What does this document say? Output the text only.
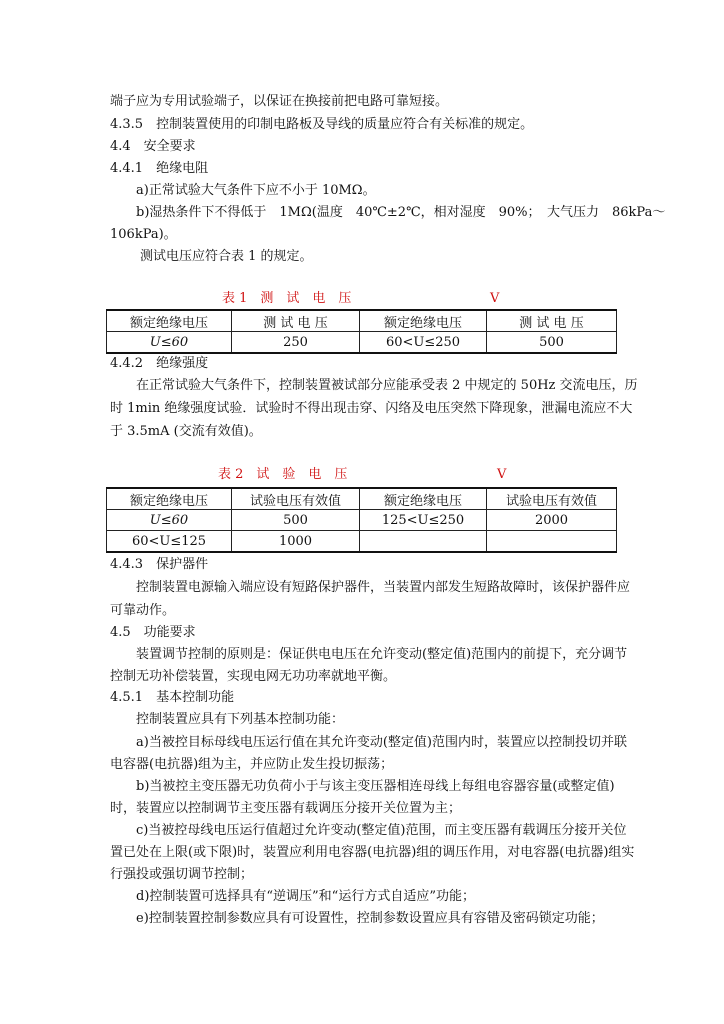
端子应为专用试验端子，以保证在换接前把电路可靠短接。
4.3.5　控制装置使用的印制电路板及导线的质量应符合有关标准的规定。
4.4　安全要求
4.4.1　绝缘电阻
a)正常试验大气条件下应不小于 10MΩ。
b)湿热条件下不得低于　1MΩ(温度　40℃±2℃，相对湿度　90%；　大气压力　86kPa～
106kPa)。
测试电压应符合表 1 的规定。
表 1　测　试　电　压	V
额定绝缘电压	测 试 电 压	额定绝缘电压	测 试 电 压
U≤60	250	60<U≤250	500
4.4.2　绝缘强度
在正常试验大气条件下，控制装置被试部分应能承受表 2 中规定的 50Hz 交流电压，历
时 1min 绝缘强度试验．试验时不得出现击穿、闪络及电压突然下降现象，泄漏电流应不大
于 3.5mA (交流有效值)。
表 2　试　验　电　压	V
额定绝缘电压	试验电压有效值	额定绝缘电压	试验电压有效值
U≤60	500	125<U≤250	2000
60<U≤125	1000		
4.4.3　保护器件
控制装置电源输入端应设有短路保护器件，当装置内部发生短路故障时，该保护器件应
可靠动作。
4.5　功能要求
装置调节控制的原则是：保证供电电压在允许变动(整定值)范围内的前提下，充分调节
控制无功补偿装置，实现电网无功功率就地平衡。
4.5.1　基本控制功能
控制装置应具有下列基本控制功能：
a)当被控目标母线电压运行值在其允许变动(整定值)范围内时，装置应以控制投切并联
电容器(电抗器)组为主，并应防止发生投切振荡；
b)当被控主变压器无功负荷小于与该主变压器相连母线上每组电容器容量(或整定值)
时，装置应以控制调节主变压器有载调压分接开关位置为主；
c)当被控母线电压运行值超过允许变动(整定值)范围，而主变压器有载调压分接开关位
置已处在上限(或下限)时，装置应利用电容器(电抗器)组的调压作用，对电容器(电抗器)组实
行强投或强切调节控制；
d)控制装置可选择具有“逆调压”和“运行方式自适应”功能；
e)控制装置控制参数应具有可设置性，控制参数设置应具有容错及密码锁定功能；
